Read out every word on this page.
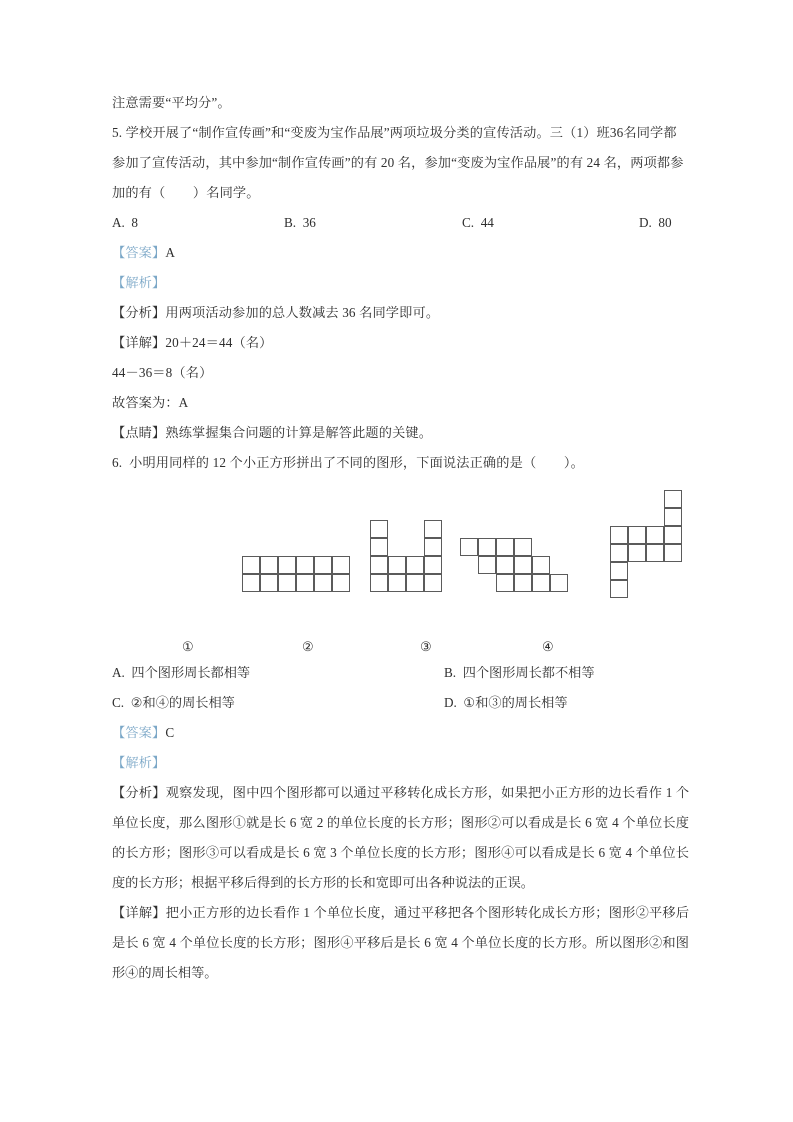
注意需要“平均分”。
5. 学校开展了“制作宣传画”和“变废为宝作品展”两项垃圾分类的宣传活动。三（1）班36名同学都参加了宣传活动，其中参加“制作宣传画”的有 20 名，参加“变废为宝作品展”的有 24 名，两项都参加的有（        ）名同学。
A. 8	B. 36	C. 44	D. 80
【答案】A
【解析】
【分析】用两项活动参加的总人数减去 36 名同学即可。
【详解】20＋24＝44（名）
44－36＝8（名）
故答案为：A
【点睛】熟练掌握集合问题的计算是解答此题的关键。
6. 小明用同样的 12 个小正方形拼出了不同的图形，下面说法正确的是（        ）。
①	②	③	④
A. 四个图形周长都相等	B. 四个图形周长都不相等
C. ②和④的周长相等	D. ①和③的周长相等
【答案】C
【解析】
【分析】观察发现，图中四个图形都可以通过平移转化成长方形，如果把小正方形的边长看作 1 个单位长度，那么图形①就是长 6 宽 2 的单位长度的长方形；图形②可以看成是长 6 宽 4 个单位长度的长方形；图形③可以看成是长 6 宽 3 个单位长度的长方形；图形④可以看成是长 6 宽 4 个单位长度的长方形；根据平移后得到的长方形的长和宽即可出各种说法的正误。
【详解】把小正方形的边长看作 1 个单位长度，通过平移把各个图形转化成长方形；图形②平移后是长 6 宽 4 个单位长度的长方形；图形④平移后是长 6 宽 4 个单位长度的长方形。所以图形②和图形④的周长相等。
